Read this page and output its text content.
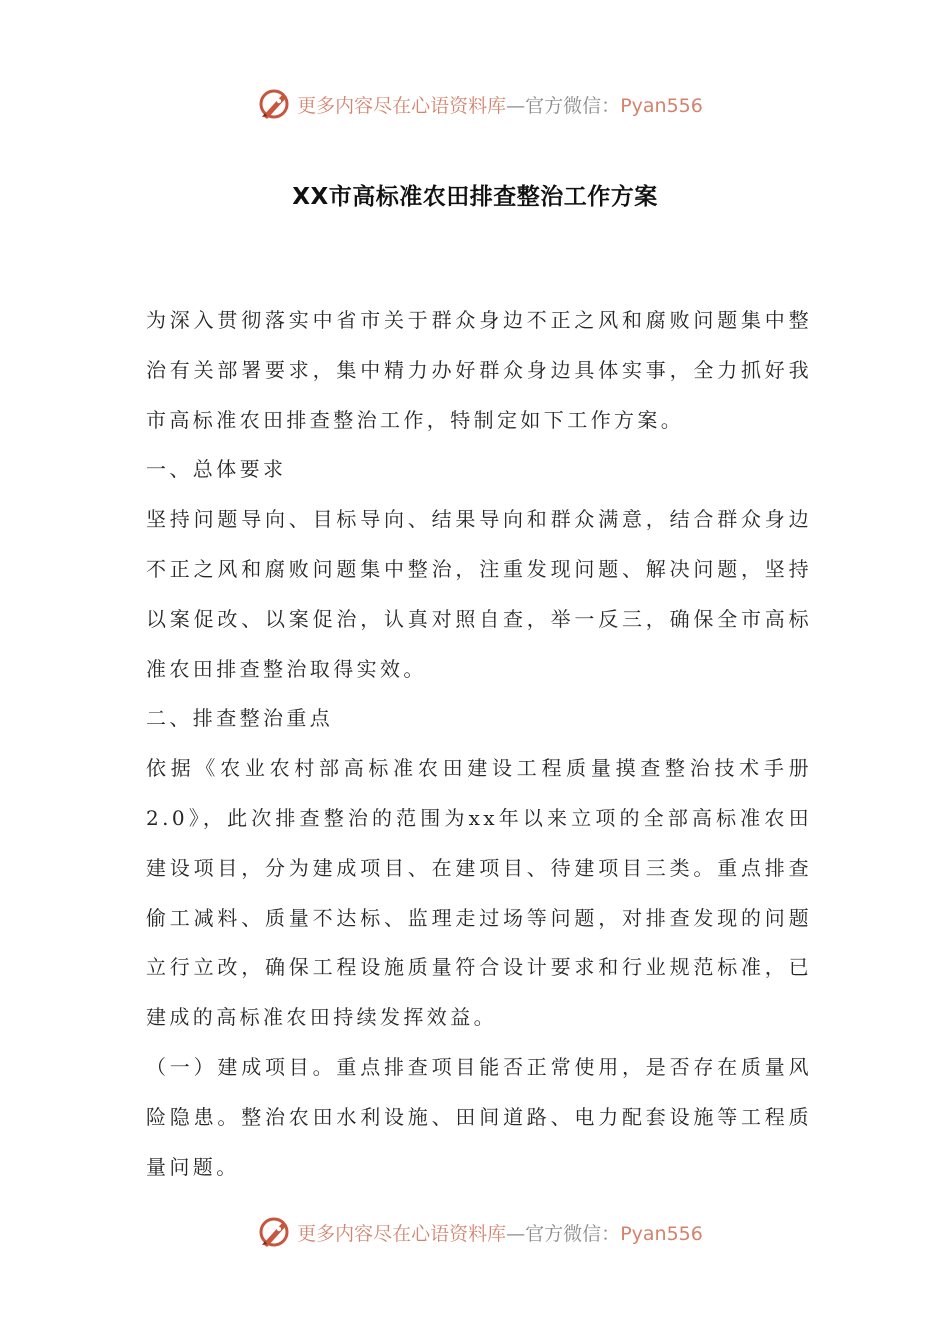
更多内容尽在心语资料库—官方微信：Pyan556
XX市高标准农田排查整治工作方案

为深入贯彻落实中省市关于群众身边不正之风和腐败问题集中整治有关部署要求，集中精力办好群众身边具体实事，全力抓好我市高标准农田排查整治工作，特制定如下工作方案。

一、总体要求

坚持问题导向、目标导向、结果导向和群众满意，结合群众身边不正之风和腐败问题集中整治，注重发现问题、解决问题，坚持以案促改、以案促治，认真对照自查，举一反三，确保全市高标准农田排查整治取得实效。

二、排查整治重点

依据《农业农村部高标准农田建设工程质量摸查整治技术手册2.0》，此次排查整治的范围为xx年以来立项的全部高标准农田建设项目，分为建成项目、在建项目、待建项目三类。重点排查偷工减料、质量不达标、监理走过场等问题，对排查发现的问题立行立改，确保工程设施质量符合设计要求和行业规范标准，已建成的高标准农田持续发挥效益。

（一）建成项目。重点排查项目能否正常使用，是否存在质量风险隐患。整治农田水利设施、田间道路、电力配套设施等工程质量问题。

更多内容尽在心语资料库—官方微信：Pyan556
